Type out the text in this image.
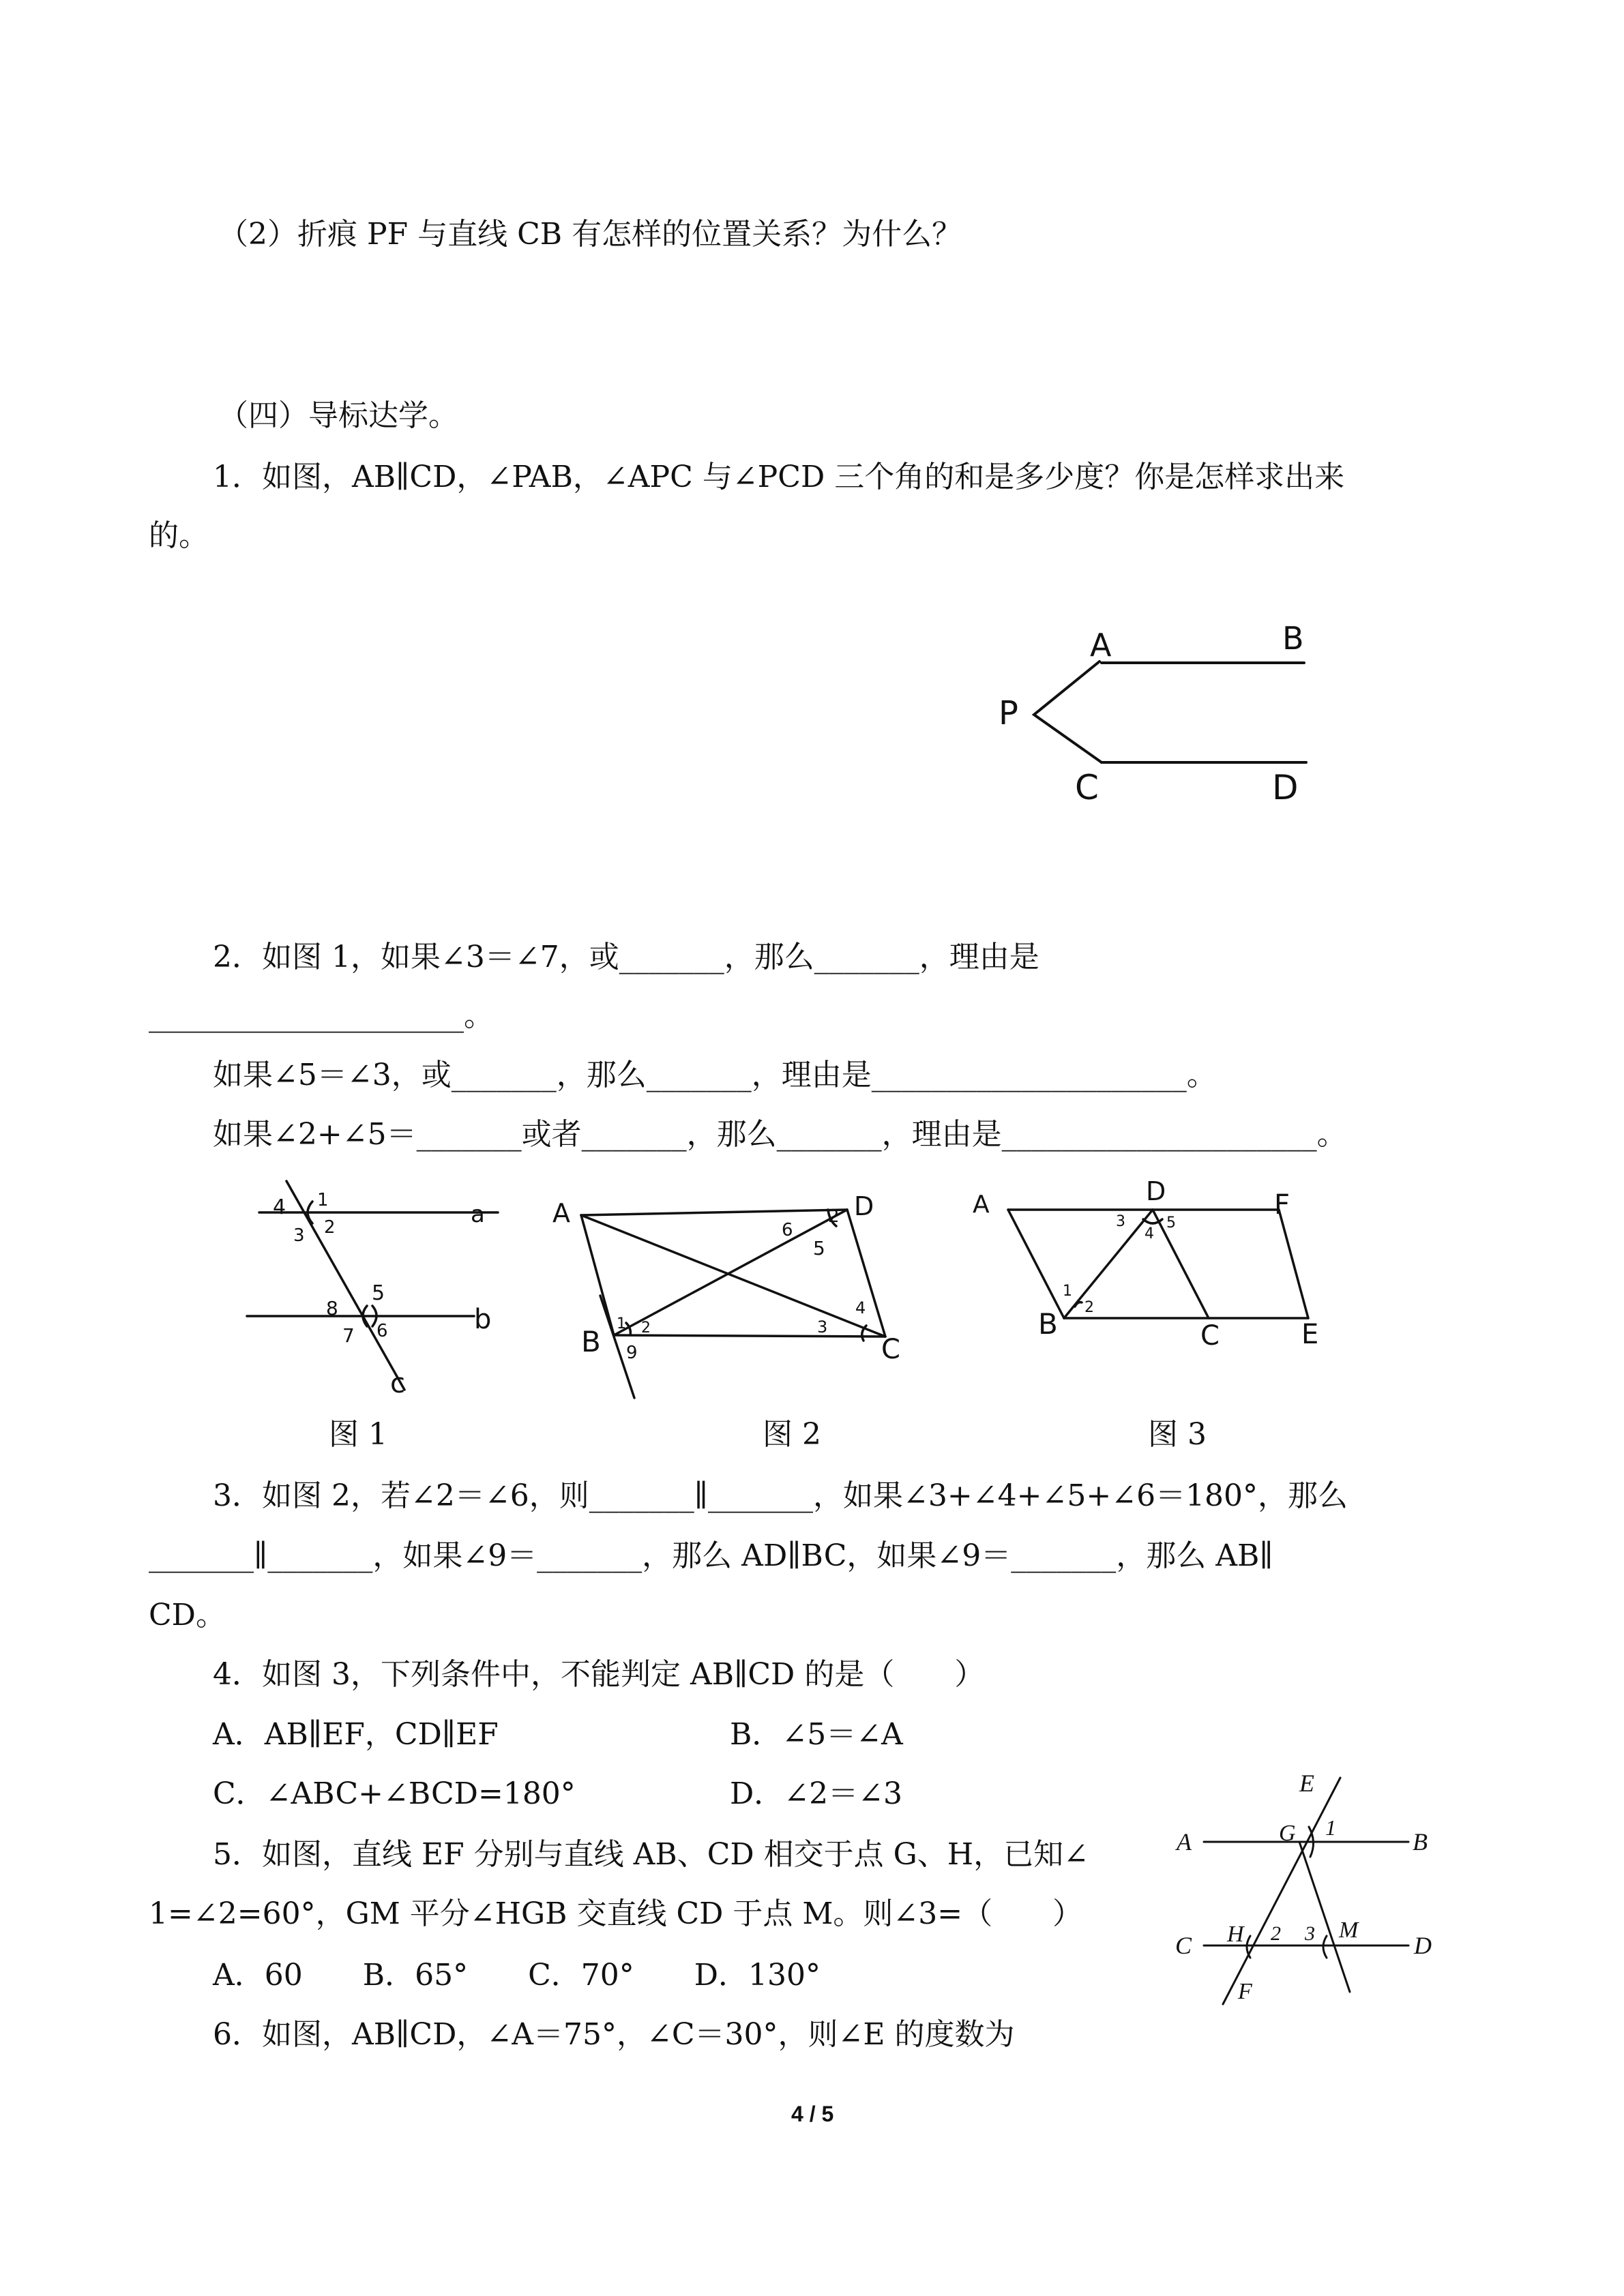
（2）折痕 PF 与直线 CB 有怎样的位置关系？为什么？
（四）导标达学。
1．如图，AB∥CD，∠PAB，∠APC 与∠PCD 三个角的和是多少度？你是怎样求出来
的。
A	B
P
C	D
2．如图 1，如果∠3＝∠7，或_______，那么_______，理由是
_____________________。
如果∠5＝∠3，或_______，那么_______，理由是_____________________。
如果∠2+∠5＝_______或者_______，那么_______，理由是_____________________。
4 1
3 2	a
5
8
6
7
b
c
A	D
6
2
5
B
1 2
9
3
4
C
A	D	F
3
4
5
1
2
B	C	E
图 1	图 2	图 3
3．如图 2，若∠2＝∠6，则_______∥_______，如果∠3+∠4+∠5+∠6＝180°，那么
_______∥_______，如果∠9＝_______，那么 AD∥BC，如果∠9＝_______，那么 AB∥
CD。
4．如图 3，下列条件中，不能判定 AB∥CD 的是（　　）
A．AB∥EF，CD∥EF	B．∠5＝∠A
C．∠ABC+∠BCD=180°	D．∠2＝∠3
5．如图，直线 EF 分别与直线 AB、CD 相交于点 G、H，已知∠
1=∠2=60°，GM 平分∠HGB 交直线 CD 于点 M。则∠3=（　　）
A．60　　B．65°　　C．70°　　D．130°
E
A	G 1
B
C H 2 3 M
D
F
6．如图，AB∥CD，∠A＝75°，∠C＝30°，则∠E 的度数为
4 / 5
